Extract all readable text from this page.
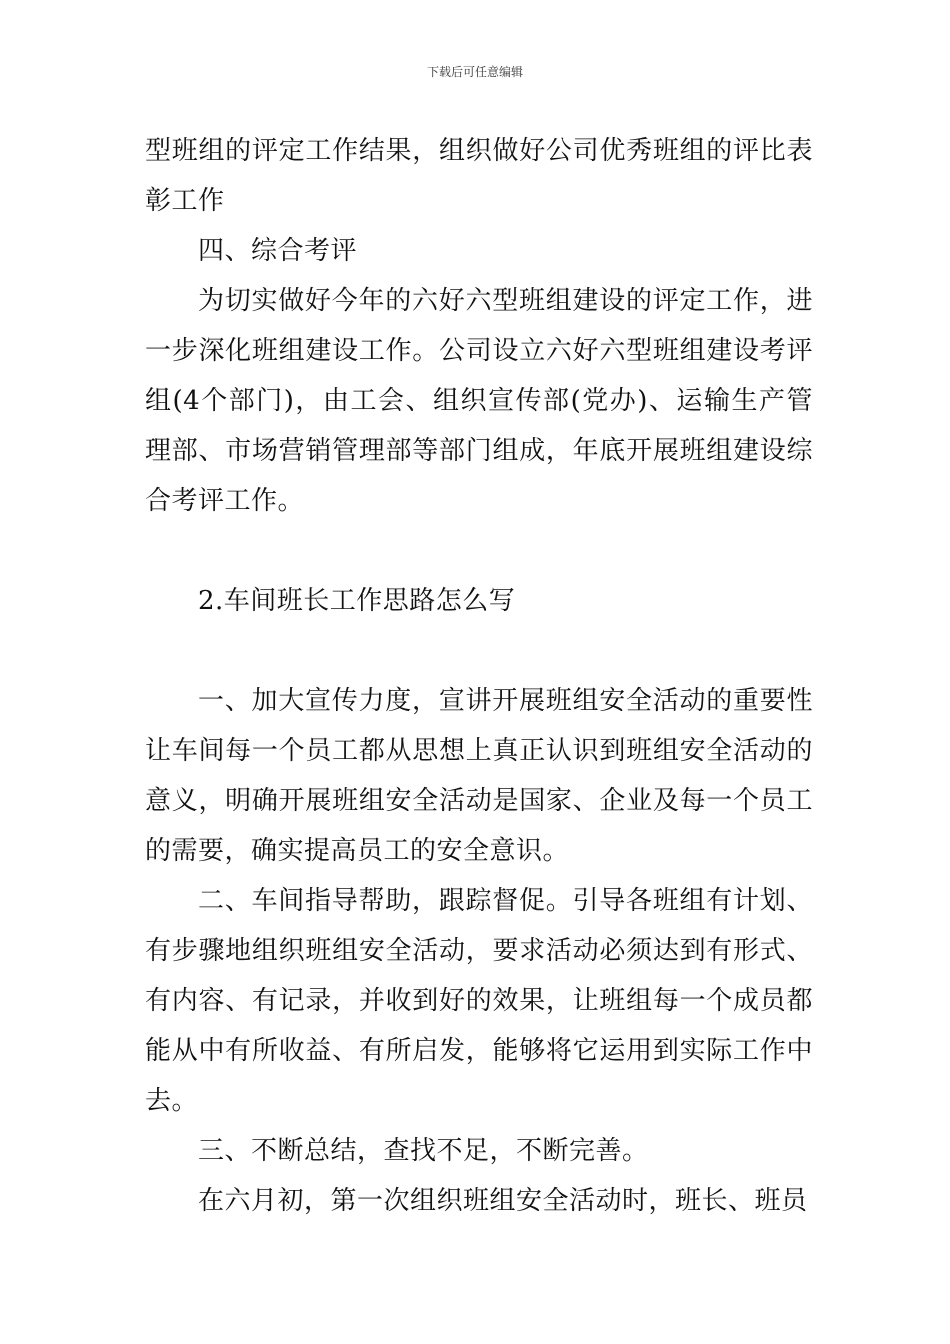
下载后可任意编辑

型班组的评定工作结果，组织做好公司优秀班组的评比表彰工作

四、综合考评

为切实做好今年的六好六型班组建设的评定工作，进一步深化班组建设工作。公司设立六好六型班组建设考评组(4个部门)，由工会、组织宣传部(党办)、运输生产管理部、市场营销管理部等部门组成，年底开展班组建设综合考评工作。

2.车间班长工作思路怎么写

一、加大宣传力度，宣讲开展班组安全活动的重要性让车间每一个员工都从思想上真正认识到班组安全活动的意义，明确开展班组安全活动是国家、企业及每一个员工的需要，确实提高员工的安全意识。

二、车间指导帮助，跟踪督促。引导各班组有计划、有步骤地组织班组安全活动，要求活动必须达到有形式、有内容、有记录，并收到好的效果，让班组每一个成员都能从中有所收益、有所启发，能够将它运用到实际工作中去。

三、不断总结，查找不足，不断完善。

在六月初，第一次组织班组安全活动时，班长、班员
